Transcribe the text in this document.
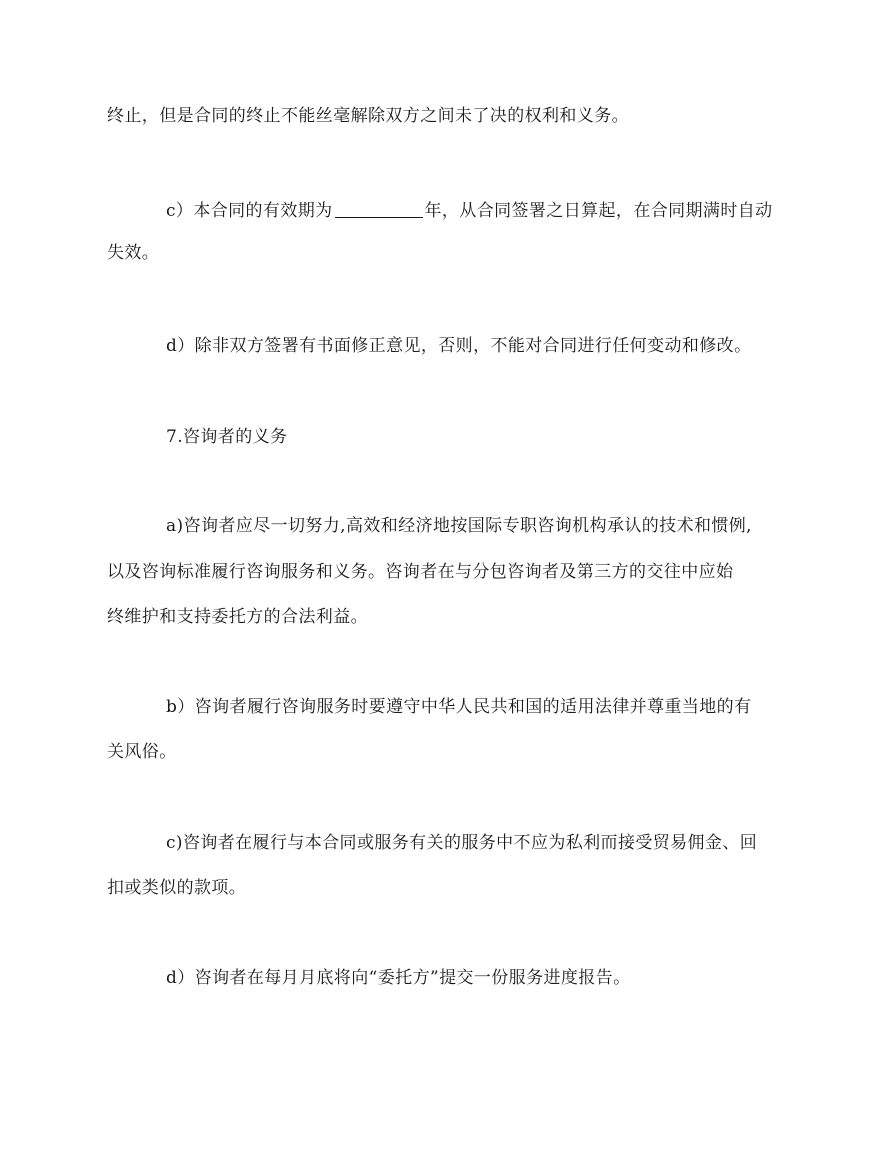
终止，但是合同的终止不能丝毫解除双方之间未了决的权利和义务。
c）本合同的有效期为	年，从合同签署之日算起，在合同期满时自动
失效。
d）除非双方签署有书面修正意见，否则，不能对合同进行任何变动和修改。
7.咨询者的义务
a)咨询者应尽一切努力,高效和经济地按国际专职咨询机构承认的技术和惯例,
以及咨询标准履行咨询服务和义务。咨询者在与分包咨询者及第三方的交往中应始
终维护和支持委托方的合法利益。
b）咨询者履行咨询服务时要遵守中华人民共和国的适用法律并尊重当地的有
关风俗。
c)咨询者在履行与本合同或服务有关的服务中不应为私利而接受贸易佣金、回
扣或类似的款项。
d）咨询者在每月月底将向“委托方”提交一份服务进度报告。
